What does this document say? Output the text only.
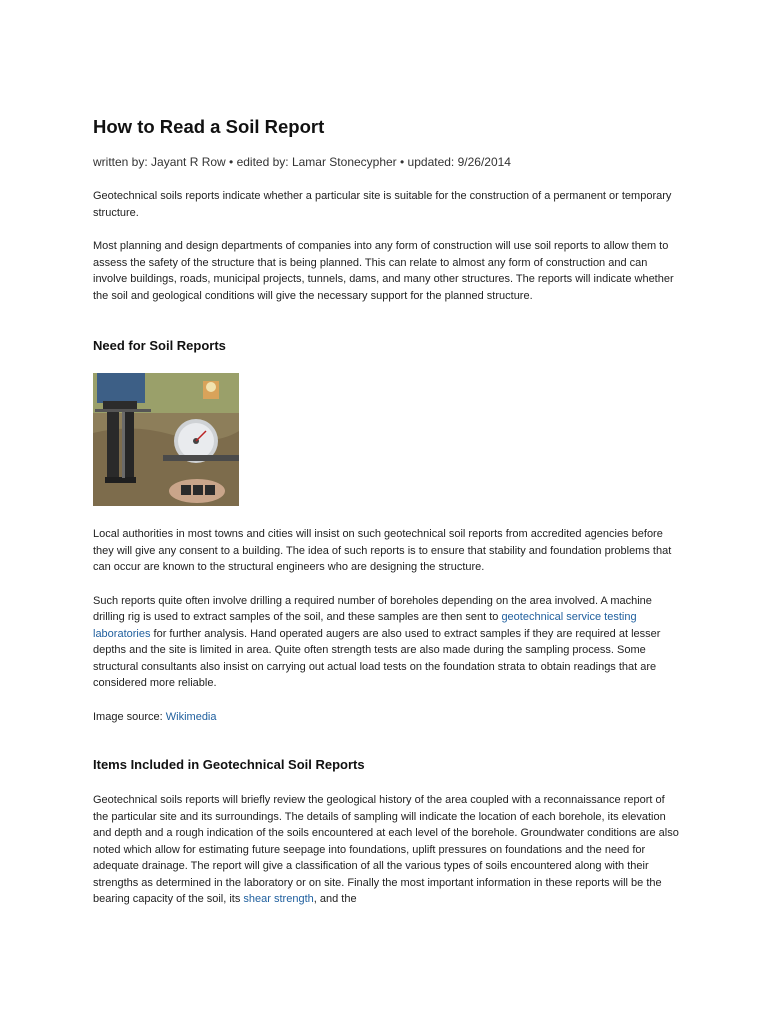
How to Read a Soil Report
written by: Jayant R Row • edited by: Lamar Stonecypher • updated: 9/26/2014

Geotechnical soils reports indicate whether a particular site is suitable for the construction of a permanent or temporary structure.

Most planning and design departments of companies into any form of construction will use soil reports to allow them to assess the safety of the structure that is being planned. This can relate to almost any form of construction and can involve buildings, roads, municipal projects, tunnels, dams, and many other structures. The reports will indicate whether the soil and geological conditions will give the necessary support for the planned structure.

Need for Soil Reports

Local authorities in most towns and cities will insist on such geotechnical soil reports from accredited agencies before they will give any consent to a building. The idea of such reports is to ensure that stability and foundation problems that can occur are known to the structural engineers who are designing the structure.

Such reports quite often involve drilling a required number of boreholes depending on the area involved. A machine drilling rig is used to extract samples of the soil, and these samples are then sent to geotechnical service testing laboratories for further analysis. Hand operated augers are also used to extract samples if they are required at lesser depths and the site is limited in area. Quite often strength tests are also made during the sampling process. Some structural consultants also insist on carrying out actual load tests on the foundation strata to obtain readings that are considered more reliable.

Image source: Wikimedia

Items Included in Geotechnical Soil Reports

Geotechnical soils reports will briefly review the geological history of the area coupled with a reconnaissance report of the particular site and its surroundings. The details of sampling will indicate the location of each borehole, its elevation and depth and a rough indication of the soils encountered at each level of the borehole. Groundwater conditions are also noted which allow for estimating future seepage into foundations, uplift pressures on foundations and the need for adequate drainage. The report will give a classification of all the various types of soils encountered along with their strengths as determined in the laboratory or on site. Finally the most important information in these reports will be the bearing capacity of the soil, its shear strength, and the
